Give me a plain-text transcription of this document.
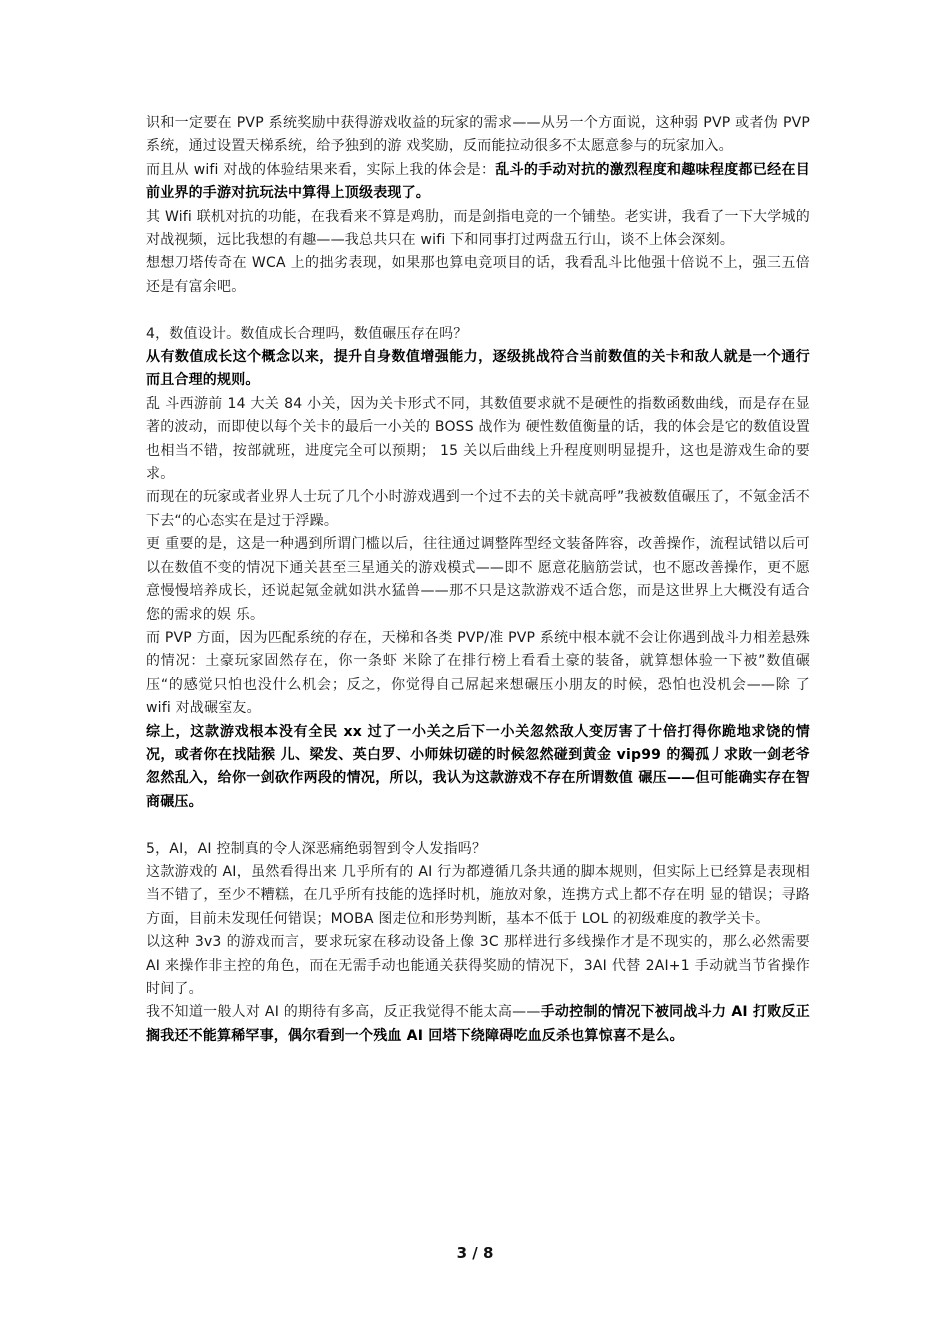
识和一定要在 PVP 系统奖励中获得游戏收益的玩家的需求——从另一个方面说，这种弱 PVP 或者伪 PVP 系统，通过设置天梯系统，给予独到的游 戏奖励，反而能拉动很多不太愿意参与的玩家加入。

而且从 wifi 对战的体验结果来看，实际上我的体会是：乱斗的手动对抗的激烈程度和趣味程度都已经在目前业界的手游对抗玩法中算得上顶级表现了。

其 Wifi 联机对抗的功能，在我看来不算是鸡肋，而是剑指电竞的一个铺垫。老实讲，我看了一下大学城的对战视频，远比我想的有趣——我总共只在 wifi 下和同事打过两盘五行山，谈不上体会深刻。

想想刀塔传奇在 WCA 上的拙劣表现，如果那也算电竞项目的话，我看乱斗比他强十倍说不上，强三五倍还是有富余吧。

4，数值设计。数值成长合理吗，数值碾压存在吗？

从有数值成长这个概念以来，提升自身数值增强能力，逐级挑战符合当前数值的关卡和敌人就是一个通行而且合理的规则。

乱 斗西游前 14 大关 84 小关，因为关卡形式不同，其数值要求就不是硬性的指数函数曲线，而是存在显著的波动，而即使以每个关卡的最后一小关的 BOSS 战作为 硬性数值衡量的话，我的体会是它的数值设置也相当不错，按部就班，进度完全可以预期； 15 关以后曲线上升程度则明显提升，这也是游戏生命的要求。

而现在的玩家或者业界人士玩了几个小时游戏遇到一个过不去的关卡就高呼”我被数值碾压了，不氪金活不下去“的心态实在是过于浮躁。

更 重要的是，这是一种遇到所谓门槛以后，往往通过调整阵型经文装备阵容，改善操作，流程试错以后可以在数值不变的情况下通关甚至三星通关的游戏模式——即不 愿意花脑筋尝试，也不愿改善操作，更不愿意慢慢培养成长，还说起氪金就如洪水猛兽——那不只是这款游戏不适合您，而是这世界上大概没有适合您的需求的娱 乐。

而 PVP 方面，因为匹配系统的存在，天梯和各类 PVP/准 PVP 系统中根本就不会让你遇到战斗力相差悬殊的情况：土豪玩家固然存在，你一条虾 米除了在排行榜上看看土豪的装备，就算想体验一下被”数值碾压“的感觉只怕也没什么机会；反之，你觉得自己屌起来想碾压小朋友的时候，恐怕也没机会——除 了 wifi 对战碾室友。

综上，这款游戏根本没有全民 xx 过了一小关之后下一小关忽然敌人变厉害了十倍打得你跪地求饶的情况，或者你在找陆猴 儿、梁发、英白罗、小师妹切磋的时候忽然碰到黄金 vip99 的獨孤丿求敗一剑老爷忽然乱入，给你一剑砍作两段的情况，所以，我认为这款游戏不存在所谓数值 碾压——但可能确实存在智商碾压。

5，AI，AI 控制真的令人深恶痛绝弱智到令人发指吗？

这款游戏的 AI，虽然看得出来 几乎所有的 AI 行为都遵循几条共通的脚本规则，但实际上已经算是表现相当不错了，至少不糟糕，在几乎所有技能的选择时机，施放对象，连携方式上都不存在明 显的错误；寻路方面，目前未发现任何错误；MOBA 图走位和形势判断，基本不低于 LOL 的初级难度的教学关卡。

以这种 3v3 的游戏而言，要求玩家在移动设备上像 3C 那样进行多线操作才是不现实的，那么必然需要 AI 来操作非主控的角色，而在无需手动也能通关获得奖励的情况下，3AI 代替 2AI+1 手动就当节省操作时间了。

我不知道一般人对 AI 的期待有多高，反正我觉得不能太高——手动控制的情况下被同战斗力 AI 打败反正搁我还不能算稀罕事，偶尔看到一个残血 AI 回塔下绕障碍吃血反杀也算惊喜不是么。

3 / 8
